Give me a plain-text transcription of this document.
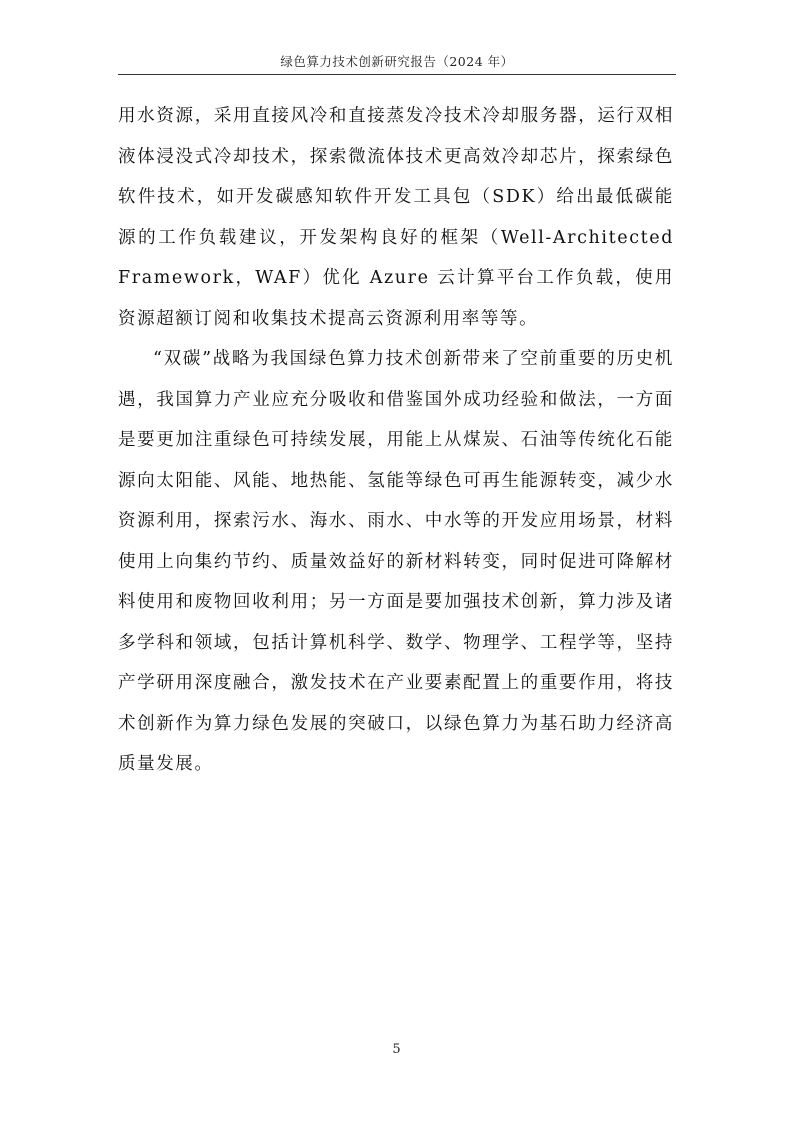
绿色算力技术创新研究报告（2024 年）

用水资源，采用直接风冷和直接蒸发冷技术冷却服务器，运行双相液体浸没式冷却技术，探索微流体技术更高效冷却芯片，探索绿色软件技术，如开发碳感知软件开发工具包（SDK）给出最低碳能源的工作负载建议，开发架构良好的框架（Well-Architected Framework，WAF）优化 Azure 云计算平台工作负载，使用资源超额订阅和收集技术提高云资源利用率等等。

“双碳”战略为我国绿色算力技术创新带来了空前重要的历史机遇，我国算力产业应充分吸收和借鉴国外成功经验和做法，一方面是要更加注重绿色可持续发展，用能上从煤炭、石油等传统化石能源向太阳能、风能、地热能、氢能等绿色可再生能源转变，减少水资源利用，探索污水、海水、雨水、中水等的开发应用场景，材料使用上向集约节约、质量效益好的新材料转变，同时促进可降解材料使用和废物回收利用；另一方面是要加强技术创新，算力涉及诸多学科和领域，包括计算机科学、数学、物理学、工程学等，坚持产学研用深度融合，激发技术在产业要素配置上的重要作用，将技术创新作为算力绿色发展的突破口，以绿色算力为基石助力经济高质量发展。

5
